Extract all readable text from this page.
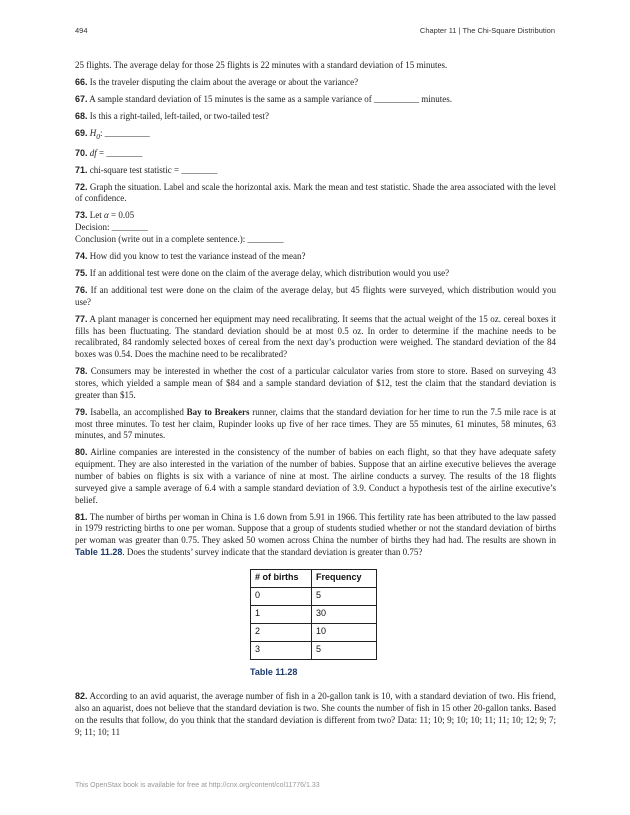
494	Chapter 11 | The Chi-Square Distribution

25 flights. The average delay for those 25 flights is 22 minutes with a standard deviation of 15 minutes.

66. Is the traveler disputing the claim about the average or about the variance?

67. A sample standard deviation of 15 minutes is the same as a sample variance of __________ minutes.

68. Is this a right-tailed, left-tailed, or two-tailed test?

69. $H_0$: __________

70. df = ________

71. chi-square test statistic = ________

72. Graph the situation. Label and scale the horizontal axis. Mark the mean and test statistic. Shade the area associated with the level of confidence.

73. Let α = 0.05
Decision: ________
Conclusion (write out in a complete sentence.): ________

74. How did you know to test the variance instead of the mean?

75. If an additional test were done on the claim of the average delay, which distribution would you use?

76. If an additional test were done on the claim of the average delay, but 45 flights were surveyed, which distribution would you use?

77. A plant manager is concerned her equipment may need recalibrating. It seems that the actual weight of the 15 oz. cereal boxes it fills has been fluctuating. The standard deviation should be at most 0.5 oz. In order to determine if the machine needs to be recalibrated, 84 randomly selected boxes of cereal from the next day’s production were weighed. The standard deviation of the 84 boxes was 0.54. Does the machine need to be recalibrated?

78. Consumers may be interested in whether the cost of a particular calculator varies from store to store. Based on surveying 43 stores, which yielded a sample mean of $84 and a sample standard deviation of $12, test the claim that the standard deviation is greater than $15.

79. Isabella, an accomplished Bay to Breakers runner, claims that the standard deviation for her time to run the 7.5 mile race is at most three minutes. To test her claim, Rupinder looks up five of her race times. They are 55 minutes, 61 minutes, 58 minutes, 63 minutes, and 57 minutes.

80. Airline companies are interested in the consistency of the number of babies on each flight, so that they have adequate safety equipment. They are also interested in the variation of the number of babies. Suppose that an airline executive believes the average number of babies on flights is six with a variance of nine at most. The airline conducts a survey. The results of the 18 flights surveyed give a sample average of 6.4 with a sample standard deviation of 3.9. Conduct a hypothesis test of the airline executive’s belief.

81. The number of births per woman in China is 1.6 down from 5.91 in 1966. This fertility rate has been attributed to the law passed in 1979 restricting births to one per woman. Suppose that a group of students studied whether or not the standard deviation of births per woman was greater than 0.75. They asked 50 women across China the number of births they had had. The results are shown in Table 11.28. Does the students’ survey indicate that the standard deviation is greater than 0.75?

# of births	Frequency
0	5
1	30
2	10
3	5
Table 11.28

82. According to an avid aquarist, the average number of fish in a 20-gallon tank is 10, with a standard deviation of two. His friend, also an aquarist, does not believe that the standard deviation is two. She counts the number of fish in 15 other 20-gallon tanks. Based on the results that follow, do you think that the standard deviation is different from two? Data: 11; 10; 9; 10; 10; 11; 11; 10; 12; 9; 7; 9; 11; 10; 11

This OpenStax book is available for free at http://cnx.org/content/col11776/1.33
